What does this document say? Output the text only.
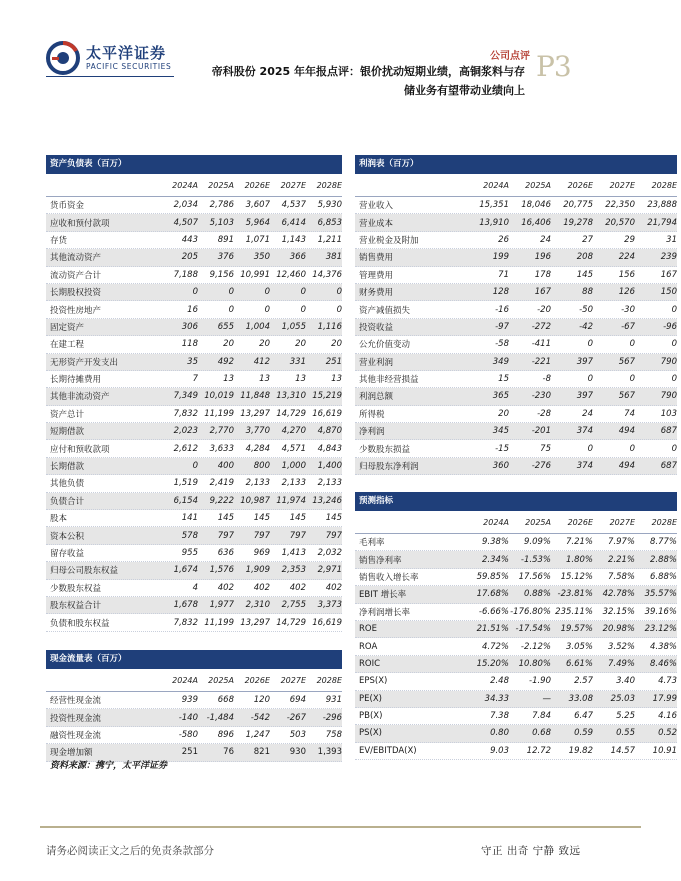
太平洋证券
PACIFIC SECURITIES
公司点评 P3
帝科股份 2025 年年报点评：银价扰动短期业绩，高铜浆料与存
储业务有望带动业绩向上
资产负债表（百万）
2024A	2025A	2026E	2027E	2028E
货币资金	2,034	2,786	3,607	4,537	5,930
应收和预付款项	4,507	5,103	5,964	6,414	6,853
存货	443	891	1,071	1,143	1,211
其他流动资产	205	376	350	366	381
流动资产合计	7,188	9,156 10,991 12,460 14,376
长期股权投资	0	0	0	0	0
投资性房地产	16	0	0	0	0
固定资产	306	655	1,004	1,055	1,116
在建工程	118	20	20	20	20
无形资产开发支出	35	492	412	331	251
长期待摊费用	7	13	13	13	13
其他非流动资产	7,349 10,019 11,848 13,310 15,219
资产总计	7,832 11,199 13,297 14,729 16,619
短期借款	2,023	2,770	3,770	4,270	4,870
应付和预收款项	2,612	3,633	4,284	4,571	4,843
长期借款	0	400	800	1,000	1,400
其他负债	1,519	2,419	2,133	2,133	2,133
负债合计	6,154	9,222 10,987 11,974 13,246
股本	141	145	145	145	145
资本公积	578	797	797	797	797
留存收益	955	636	969	1,413	2,032
归母公司股东权益	1,674	1,576	1,909	2,353	2,971
少数股东权益	4	402	402	402	402
股东权益合计	1,678	1,977	2,310	2,755	3,373
负债和股东权益	7,832 11,199 13,297 14,729 16,619
利润表（百万）
2024A	2025A	2026E	2027E	2028E
营业收入	15,351	18,046	20,775	22,350	23,888
营业成本	13,910	16,406	19,278	20,570	21,794
营业税金及附加	26	24	27	29	31
销售费用	199	196	208	224	239
管理费用	71	178	145	156	167
财务费用	128	167	88	126	150
资产减值损失	-16	-20	-50	-30	0
投资收益	-97	-272	-42	-67	-96
公允价值变动	-58	-411	0	0	0
营业利润	349	-221	397	567	790
其他非经营损益	15	-8	0	0	0
利润总额	365	-230	397	567	790
所得税	20	-28	24	74	103
净利润	345	-201	374	494	687
少数股东损益	-15	75	0	0	0
归母股东净利润	360	-276	374	494	687
预测指标
2024A	2025A	2026E	2027E	2028E
毛利率	9.38%	9.09%	7.21%	7.97%	8.77%
销售净利率	2.34%	-1.53%	1.80%	2.21%	2.88%
销售收入增长率	59.85%	17.56%	15.12%	7.58%	6.88%
EBIT 增长率	17.68%	0.88% -23.81%	42.78%	35.57%
净利润增长率	-6.66% -176.80% 235.11%	32.15%	39.16%
ROE	21.51% -17.54%	19.57%	20.98%	23.12%
ROA	4.72%	-2.12%	3.05%	3.52%	4.38%
ROIC	15.20%	10.80%	6.61%	7.49%	8.46%
EPS(X)	2.48	-1.90	2.57	3.40	4.73
PE(X)	34.33	—	33.08	25.03	17.99
PB(X)	7.38	7.84	6.47	5.25	4.16
PS(X)	0.80	0.68	0.59	0.55	0.52
EV/EBITDA(X)	9.03	12.72	19.82	14.57	10.91
现金流量表（百万）
2024A	2025A	2026E	2027E	2028E
经营性现金流	939	668	120	694	931
投资性现金流	-140	-1,484	-542	-267	-296
融资性现金流	-580	896	1,247	503	758
现金增加额	251	76	821	930	1,393
资料来源：携宁，太平洋证券
请务必阅读正文之后的免责条款部分	守正 出奇 宁静 致远
